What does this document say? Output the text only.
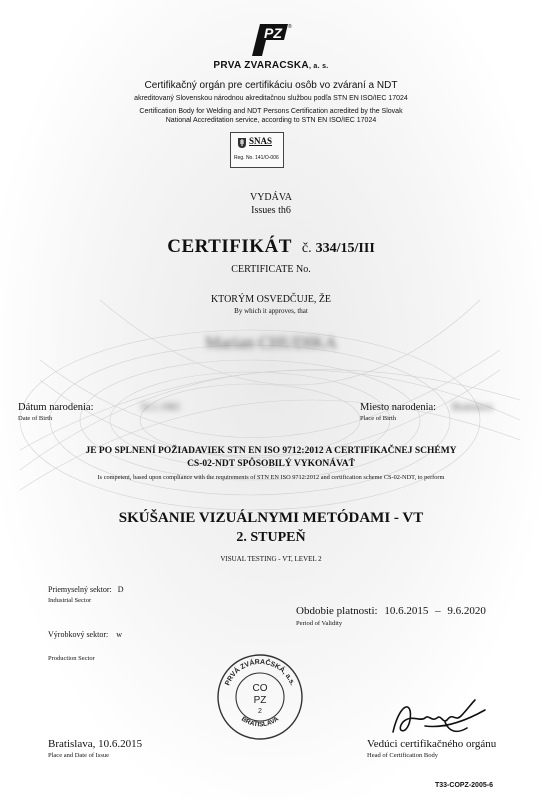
PZ ®
PRVA ZVARACSKA, a. s.
Certifikačný orgán pre certifikáciu osôb vo zváraní a NDT
akreditovaný Slovenskou národnou akreditačnou službou podľa STN EN ISO/IEC 17024
Certification Body for Welding and NDT Persons Certification acredited by the Slovak
National Accreditation service, according to STN EN ISO/IEC 17024
SNAS
Reg. No. 141/O-006
VYDÁVA
Issues th6
CERTIFIKÁT č. 334/15/III
CERTIFICATE No.
KTORÝM OSVEDČUJE, ŽE
By which it approves, that
Marian CHUDIKA
Dátum narodenia:	10.1.1965
Date of Birth
Miesto narodenia: Bratislava
Place of Birth
JE PO SPLNENÍ POŽIADAVIEK STN EN ISO 9712:2012 A CERTIFIKAČNEJ SCHÉMY
CS-02-NDT SPÔSOBILÝ VYKONÁVAŤ
Is competent, based upon compliance with the requirements of STN EN ISO 9712:2012 and certification scheme CS-02-NDT, to perform
SKÚŠANIE VIZUÁLNYMI METÓDAMI - VT
2. STUPEŇ
VISUAL TESTING - VT, LEVEL 2
Priemyselný sektor: D
Industrial Sector
Výrobkový sektor: w
Production Sector
Obdobie platnosti: 10.6.2015 – 9.6.2020
Period of Validity
PRVÁ ZVÁRAČSKÁ, a.s.
BRATISLAVA
CO
PZ
2
Bratislava, 10.6.2015
Place and Date of Issue
Vedúci certifikačného orgánu
Head of Certification Body
T33-COPZ-2005-6
